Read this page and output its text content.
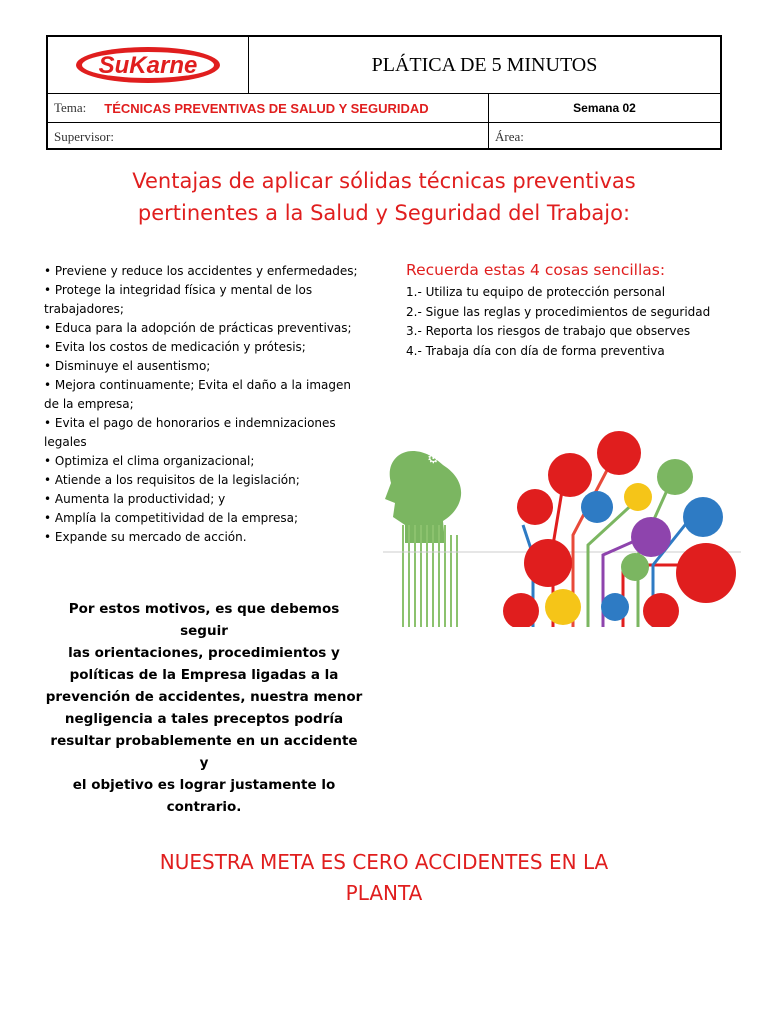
SuKarne	PLÁTICA DE 5 MINUTOS
Tema: TÉCNICAS PREVENTIVAS DE SALUD Y SEGURIDAD	Semana 02
Supervisor:	Área:
Ventajas de aplicar sólidas técnicas preventivas
pertinentes a la Salud y Seguridad del Trabajo:
• Previene y reduce los accidentes y enfermedades;
• Protege la integridad física y mental de los
trabajadores;
• Educa para la adopción de prácticas preventivas;
• Evita los costos de medicación y prótesis;
• Disminuye el ausentismo;
• Mejora continuamente; Evita el daño a la imagen
de la empresa;
• Evita el pago de honorarios e indemnizaciones
legales
• Optimiza el clima organizacional;
• Atiende a los requisitos de la legislación;
• Aumenta la productividad; y
• Amplía la competitividad de la empresa;
• Expande su mercado de acción.
Recuerda estas 4 cosas sencillas:
1.- Utiliza tu equipo de protección personal
2.- Sigue las reglas y procedimientos de seguridad
3.- Reporta los riesgos de trabajo que observes
4.- Trabaja día con día de forma preventiva
⚙?
Por estos motivos, es que debemos seguir
las orientaciones, procedimientos y
políticas de la Empresa ligadas a la
prevención de accidentes, nuestra menor
negligencia a tales preceptos podría
resultar probablemente en un accidente y
el objetivo es lograr justamente lo
contrario.
NUESTRA META ES CERO ACCIDENTES EN LA
PLANTA
